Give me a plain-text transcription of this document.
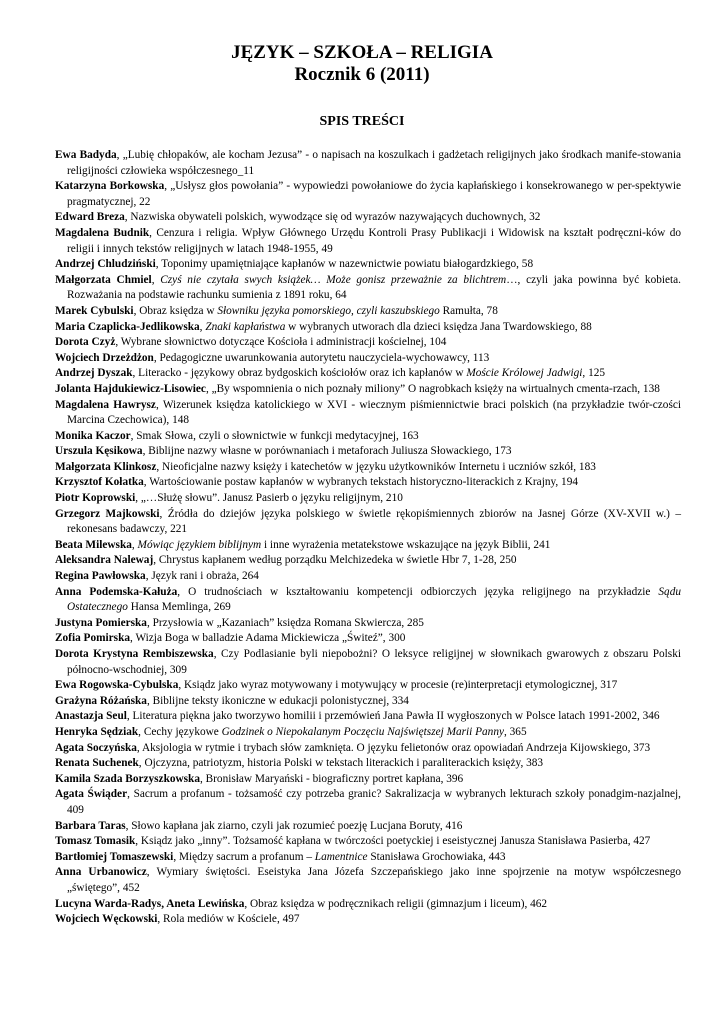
JĘZYK – SZKOŁA – RELIGIA
Rocznik 6 (2011)
SPIS TREŚCI
Ewa Badyda, „Lubię chłopaków, ale kocham Jezusa” - o napisach na koszulkach i gadżetach religijnych jako środkach manife-stowania religijności człowieka współczesnego_11
Katarzyna Borkowska, „Usłysz głos powołania” - wypowiedzi powołaniowe do życia kapłańskiego i konsekrowanego w per-spektywie pragmatycznej, 22
Edward Breza, Nazwiska obywateli polskich, wywodzące się od wyrazów nazywających duchownych, 32
Magdalena Budnik, Cenzura i religia. Wpływ Głównego Urzędu Kontroli Prasy Publikacji i Widowisk na kształt podręczni-ków do religii i innych tekstów religijnych w latach 1948-1955, 49
Andrzej Chludziński, Toponimy upamiętniające kapłanów w nazewnictwie powiatu białogardzkiego, 58
Małgorzata Chmiel, Czyś nie czytała swych książek… Może gonisz przeważnie za blichtrem…, czyli jaka powinna być kobieta. Rozważania na podstawie rachunku sumienia z 1891 roku, 64
Marek Cybulski, Obraz księdza w Słowniku języka pomorskiego, czyli kaszubskiego Ramułta, 78
Maria Czaplicka-Jedlikowska, Znaki kapłaństwa w wybranych utworach dla dzieci księdza Jana Twardowskiego, 88
Dorota Czyż, Wybrane słownictwo dotyczące Kościoła i administracji kościelnej, 104
Wojciech Drzeżdżon, Pedagogiczne uwarunkowania autorytetu nauczyciela-wychowawcy, 113
Andrzej Dyszak, Literacko - językowy obraz bydgoskich kościołów oraz ich kapłanów w Moście Królowej Jadwigi, 125
Jolanta Hajdukiewicz-Lisowiec, „By wspomnienia o nich poznały miliony” O nagrobkach księży na wirtualnych cmenta-rzach, 138
Magdalena Hawrysz, Wizerunek księdza katolickiego w XVI - wiecznym piśmiennictwie braci polskich (na przykładzie twór-czości Marcina Czechowica), 148
Monika Kaczor, Smak Słowa, czyli o słownictwie w funkcji medytacyjnej, 163
Urszula Kęsikowa, Biblijne nazwy własne w porównaniach i metaforach Juliusza Słowackiego, 173
Małgorzata Klinkosz, Nieoficjalne nazwy księży i katechetów w języku użytkowników Internetu i uczniów szkół, 183
Krzysztof Kołatka, Wartościowanie postaw kapłanów w wybranych tekstach historyczno-literackich z Krajny, 194
Piotr Koprowski, „…Służę słowu”. Janusz Pasierb o języku religijnym, 210
Grzegorz Majkowski, Źródła do dziejów języka polskiego w świetle rękopiśmiennych zbiorów na Jasnej Górze (XV-XVII w.) – rekonesans badawczy, 221
Beata Milewska, Mówiąc językiem biblijnym i inne wyrażenia metatekstowe wskazujące na język Biblii, 241
Aleksandra Nalewaj, Chrystus kapłanem według porządku Melchizedeka w świetle Hbr 7, 1-28, 250
Regina Pawłowska, Język rani i obraża, 264
Anna Podemska-Kałuża, O trudnościach w kształtowaniu kompetencji odbiorczych języka religijnego na przykładzie Sądu Ostatecznego Hansa Memlinga, 269
Justyna Pomierska, Przysłowia w „Kazaniach” księdza Romana Skwiercza, 285
Zofia Pomirska, Wizja Boga w balladzie Adama Mickiewicza „Świteź”, 300
Dorota Krystyna Rembiszewska, Czy Podlasianie byli niepobożni? O leksyce religijnej w słownikach gwarowych z obszaru Polski północno-wschodniej, 309
Ewa Rogowska-Cybulska, Ksiądz jako wyraz motywowany i motywujący w procesie (re)interpretacji etymologicznej, 317
Grażyna Różańska, Biblijne teksty ikoniczne w edukacji polonistycznej, 334
Anastazja Seul, Literatura piękna jako tworzywo homilii i przemówień Jana Pawła II wygłoszonych w Polsce latach 1991-2002, 346
Henryka Sędziak, Cechy językowe Godzinek o Niepokalanym Poczęciu Najświętszej Marii Panny, 365
Agata Soczyńska, Aksjologia w rytmie i trybach słów zamknięta. O języku felietonów oraz opowiadań Andrzeja Kijowskiego, 373
Renata Suchenek, Ojczyzna, patriotyzm, historia Polski w tekstach literackich i paraliterackich księży, 383
Kamila Szada Borzyszkowska, Bronisław Maryański - biograficzny portret kapłana, 396
Agata Świąder, Sacrum a profanum - tożsamość czy potrzeba granic? Sakralizacja w wybranych lekturach szkoły ponadgim-nazjalnej, 409
Barbara Taras, Słowo kapłana jak ziarno, czyli jak rozumieć poezję Lucjana Boruty, 416
Tomasz Tomasik, Ksiądz jako „inny”. Tożsamość kapłana w twórczości poetyckiej i eseistycznej Janusza Stanisława Pasierba, 427
Bartłomiej Tomaszewski, Między sacrum a profanum – Lamentnice Stanisława Grochowiaka, 443
Anna Urbanowicz, Wymiary świętości. Eseistyka Jana Józefa Szczepańskiego jako inne spojrzenie na motyw współczesnego „świętego”, 452
Lucyna Warda-Radys, Aneta Lewińska, Obraz księdza w podręcznikach religii (gimnazjum i liceum), 462
Wojciech Węckowski, Rola mediów w Kościele, 497
